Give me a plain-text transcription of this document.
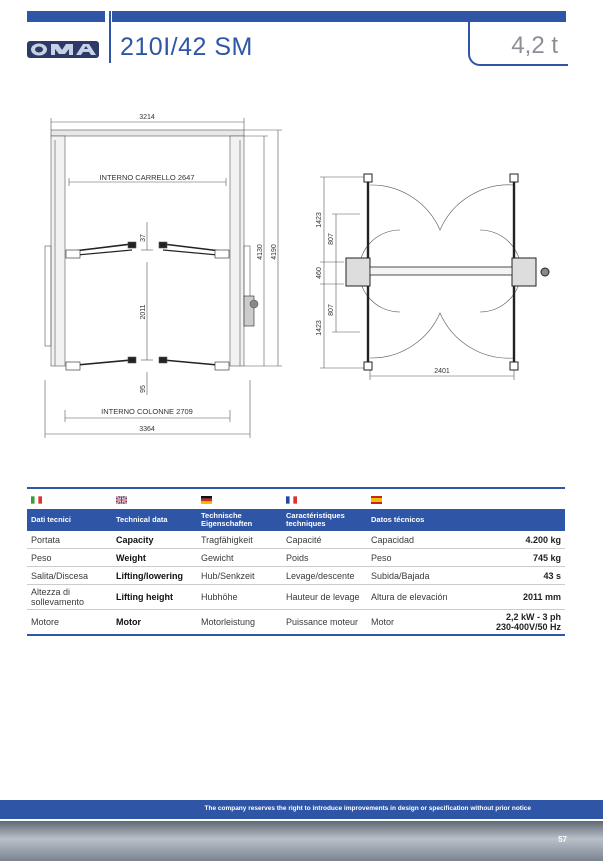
210I/42 SM	4,2 t
3214
INTERNO CARRELLO 2647
37
2011
95
INTERNO COLONNE 2709
3364
4130 4190
1423
807
460
807
1423
2401

Dati tecnici	Technical data	Technische Eigenschaften	Caractéristiques techniques	Datos técnicos	
Portata	Capacity	Tragfähigkeit	Capacité	Capacidad	4.200 kg
Peso	Weight	Gewicht	Poids	Peso	745 kg
Salita/Discesa	Lifting/lowering	Hub/Senkzeit	Levage/descente	Subida/Bajada	43 s
Altezza di sollevamento	Lifting height	Hubhöhe	Hauteur de levage	Altura de elevación	2011 mm
Motore	Motor	Motorleistung	Puissance moteur	Motor	2,2 kW - 3 ph
230-400V/50 Hz
The company reserves the right to introduce improvements in design or specification without prior notice
57
